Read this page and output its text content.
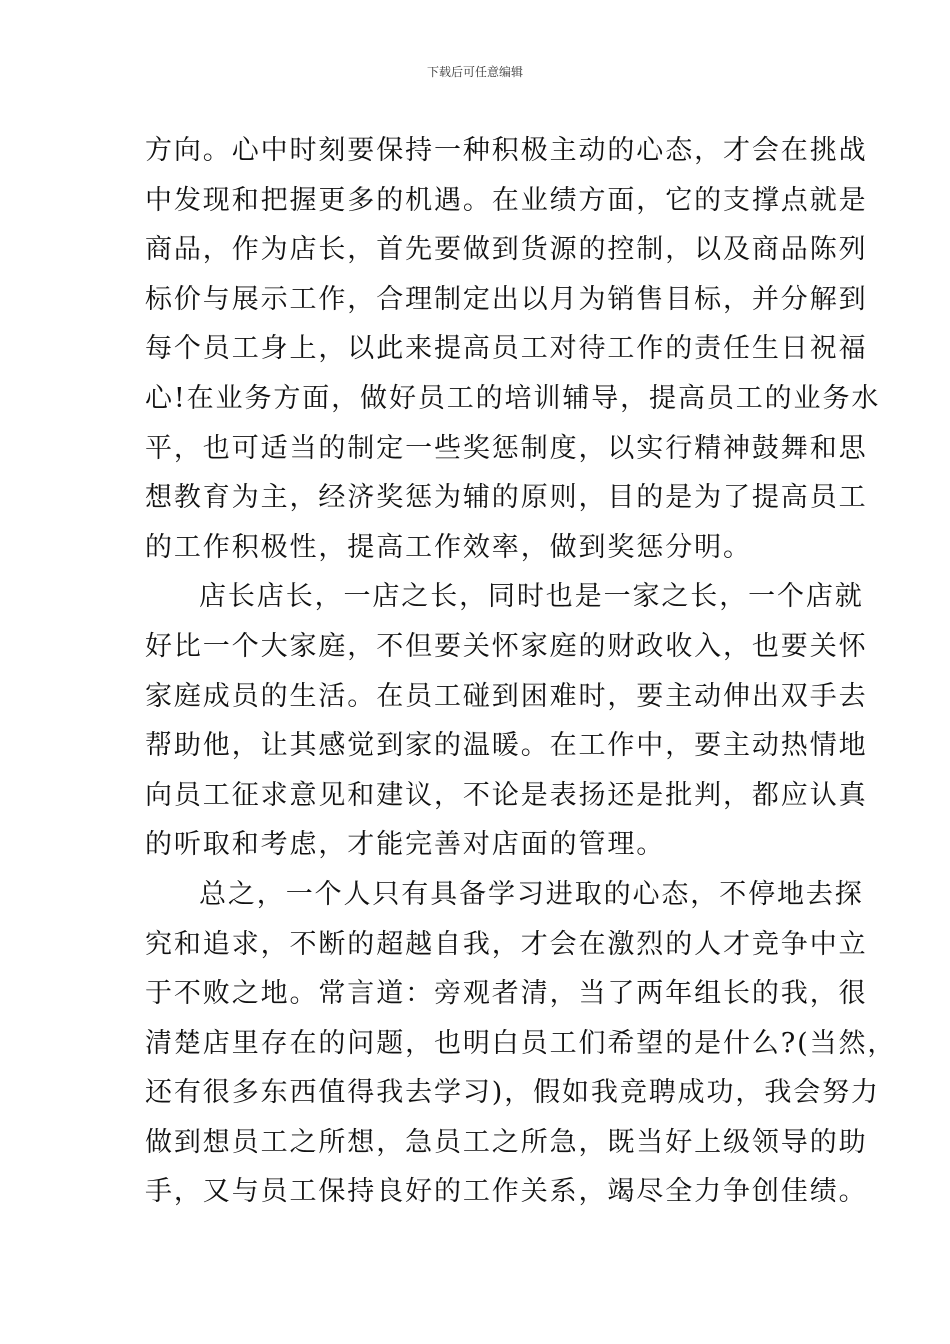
下载后可任意编辑
方向。心中时刻要保持一种积极主动的心态，才会在挑战
中发现和把握更多的机遇。在业绩方面，它的支撑点就是
商品，作为店长，首先要做到货源的控制，以及商品陈列
标价与展示工作，合理制定出以月为销售目标，并分解到
每个员工身上，以此来提高员工对待工作的责任生日祝福
心!在业务方面，做好员工的培训辅导，提高员工的业务水
平，也可适当的制定一些奖惩制度，以实行精神鼓舞和思
想教育为主，经济奖惩为辅的原则，目的是为了提高员工
的工作积极性，提高工作效率，做到奖惩分明。
店长店长，一店之长，同时也是一家之长，一个店就
好比一个大家庭，不但要关怀家庭的财政收入，也要关怀
家庭成员的生活。在员工碰到困难时，要主动伸出双手去
帮助他，让其感觉到家的温暖。在工作中，要主动热情地
向员工征求意见和建议，不论是表扬还是批判，都应认真
的听取和考虑，才能完善对店面的管理。
总之，一个人只有具备学习进取的心态，不停地去探
究和追求，不断的超越自我，才会在激烈的人才竞争中立
于不败之地。常言道：旁观者清，当了两年组长的我，很
清楚店里存在的问题，也明白员工们希望的是什么?(当然，
还有很多东西值得我去学习)，假如我竞聘成功，我会努力
做到想员工之所想，急员工之所急，既当好上级领导的助
手，又与员工保持良好的工作关系，竭尽全力争创佳绩。
